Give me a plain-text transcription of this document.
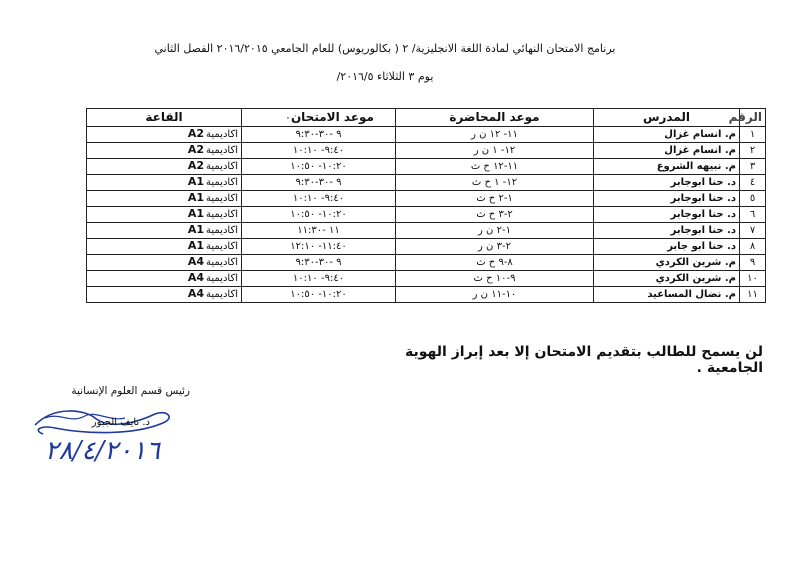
برنامج الامتحان النهائي لمادة اللغة الانجليزية/ ٢ ( بكالوريوس) للعام الجامعي ٢٠١٦/٢٠١٥ الفصل الثاني
يوم ٣ الثلاثاء ٢٠١٦/٥/
الرقم	المدرس	موعد المحاضرة	موعد الامتحان٠	القاعة
١	م. انسام غزال	١١- ١٢ ن ر	٩ -٣٠-٩:٣٠	اكاديميةA2
٢	م. انسام غزال	١٢- ١ ن ر	٩:٤٠- ١٠:١٠	اكاديميةA2
٣	م. نبيهه الشروع	١١-١٢ ح ث	١٠:٢٠- ١٠:٥٠	اكاديميةA2
٤	د. حنا ابوجابر	١٢- ١ ح ث	٩ -٣٠-٩:٣٠	اكاديميةA1
٥	د. حنا ابوجابر	١-٢ ح ث	٩:٤٠- ١٠:١٠	اكاديميةA1
٦	د. حنا ابوجابر	٢-٣ ح ث	١٠:٢٠- ١٠:٥٠	اكاديميةA1
٧	د. حنا ابوجابر	١-٢ ن ر	١١ -١١:٣٠	اكاديميةA1
٨	د. حنا ابو جابر	٢-٣ ن ر	١١:٤٠- ١٢:١٠	اكاديميةA1
٩	م. شرين الكردي	٨-٩ ح ث	٩ -٣٠-٩:٣٠	اكاديميةA4
١٠	م. شرين الكردي	٩-١٠ ح ث	٩:٤٠- ١٠:١٠	اكاديميةA4
١١	م. نضال المساعيد	١٠-١١ ن ر	١٠:٢٠- ١٠:٥٠	اكاديميةA4
لن يسمح للطالب بتقديم الامتحان إلا بعد إبراز الهوية الجامعية .
رئيس قسم العلوم الإنسانية
د. نايف الجبور
٢٨/٤/٢٠١٦
